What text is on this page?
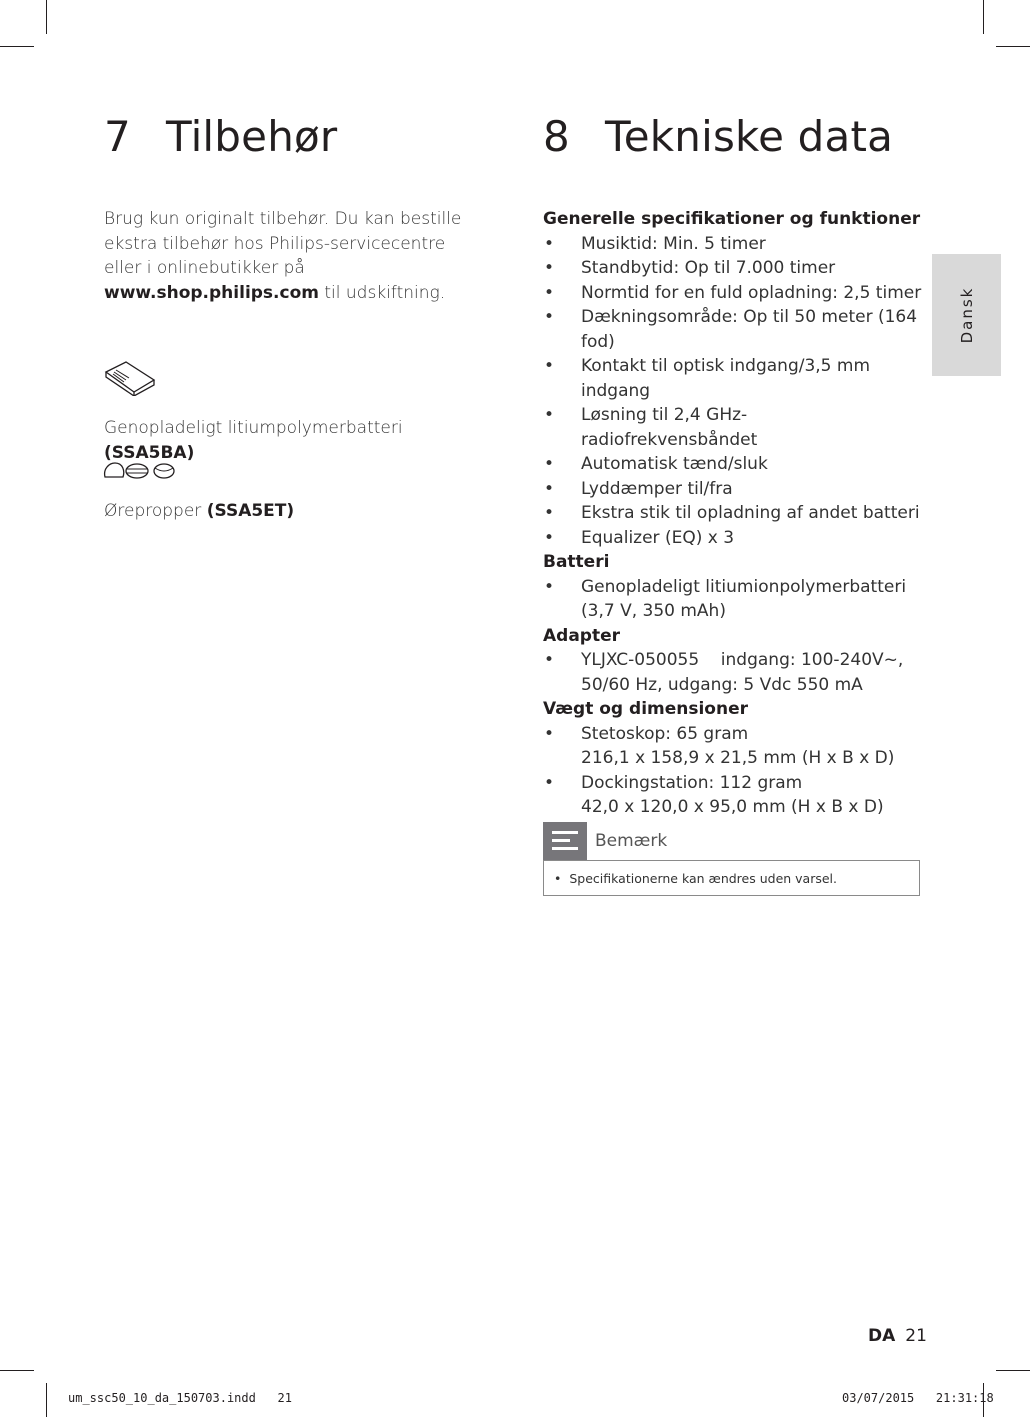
7 Tilbehør
Brug kun originalt tilbehør. Du kan bestille ekstra tilbehør hos Philips-servicecentre eller i onlinebutikker på www.shop.philips.com til udskiftning.
Genopladeligt litiumpolymerbatteri (SSA5BA)
Ørepropper (SSA5ET)
8 Tekniske data
Generelle specifikationer og funktioner
• Musiktid: Min. 5 timer
• Standbytid: Op til 7.000 timer
• Normtid for en fuld opladning: 2,5 timer
• Dækningsområde: Op til 50 meter (164 fod)
• Kontakt til optisk indgang/3,5 mm indgang
• Løsning til 2,4 GHz-radiofrekvensbåndet
• Automatisk tænd/sluk
• Lyddæmper til/fra
• Ekstra stik til opladning af andet batteri
• Equalizer (EQ) x 3
Batteri
• Genopladeligt litiumionpolymerbatteri (3,7 V, 350 mAh)
Adapter
• YLJXC-050055    indgang: 100-240V~, 50/60 Hz, udgang: 5 Vdc 550 mA
Vægt og dimensioner
• Stetoskop: 65 gram
216,1 x 158,9 x 21,5 mm (H x B x D)
• Dockingstation: 112 gram
42,0 x 120,0 x 95,0 mm (H x B x D)
Bemærk
• Specifikationerne kan ændres uden varsel.
Dansk
DA 21
um_ssc50_10_da_150703.indd   21	03/07/2015   21:31:18
